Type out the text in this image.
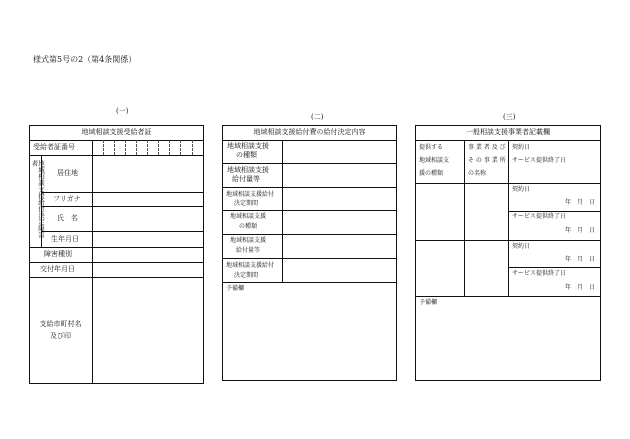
様式第5号の2（第4条関係）
(一)
(二)	(三)
地域相談支援受給者証
受給者証番号
地域相談支援給付決定障害者
居住地
フリガナ
氏　名
生年月日
障害種別
交付年月日
支給市町村名
及び印
地域相談支援給付費の給付決定内容
地域相談支援
の種類
地域相談支援
給付量等
地域相談支援給付
決定期間
地域相談支援
の種類
地域相談支援
給付量等
地域相談支援給付
決定期間
予備欄
一般相談支援事業者記載欄
提供する
地域相談支
援の種類
事 業 者 及 び
そ の 事 業 所
の名称
契約日
サービス提供終了日
契約日
年　月　日
サービス提供終了日
年　月　日
契約日
年　月　日
サービス提供終了日
年　月　日
予備欄
